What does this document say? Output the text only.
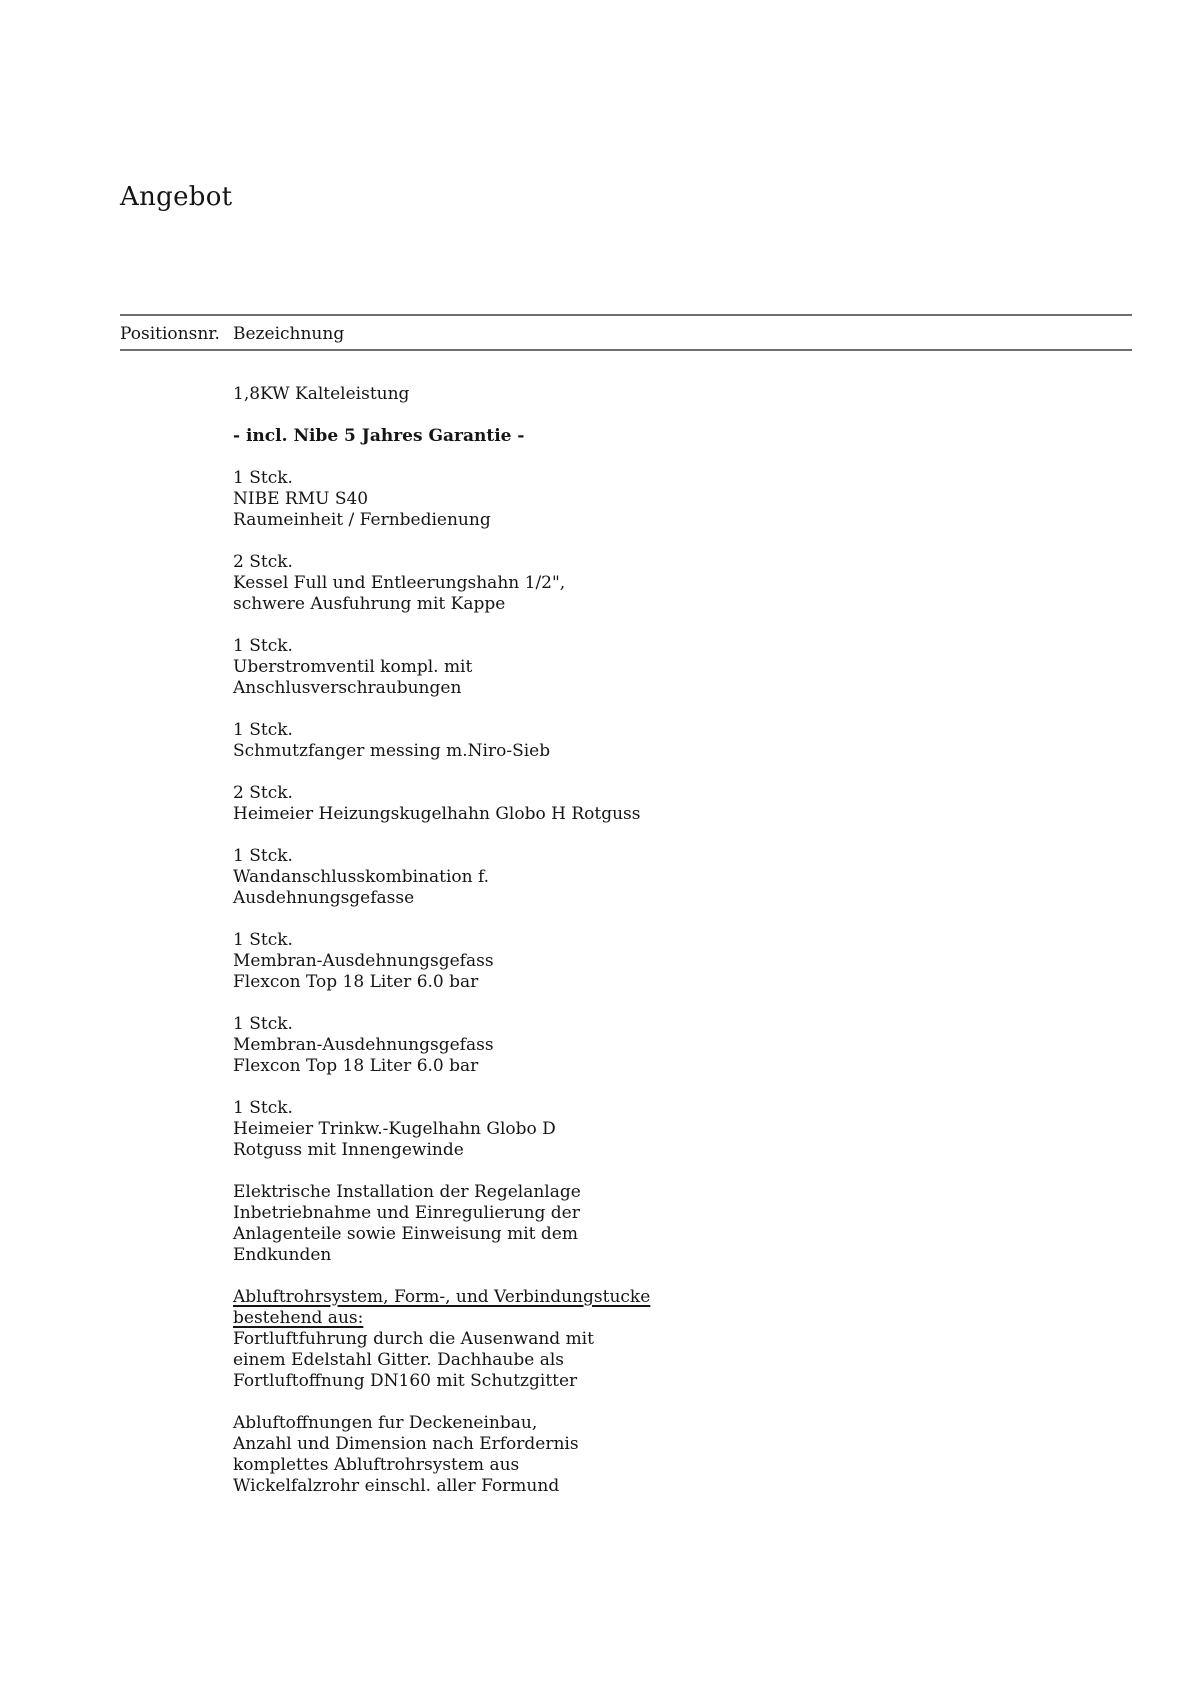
Angebot
Positionsnr. Bezeichnung
1,8KW Kalteleistung
- incl. Nibe 5 Jahres Garantie -
1 Stck.
NIBE RMU S40
Raumeinheit / Fernbedienung
2 Stck.
Kessel Full und Entleerungshahn 1/2",
schwere Ausfuhrung mit Kappe
1 Stck.
Uberstromventil kompl. mit
Anschlusverschraubungen
1 Stck.
Schmutzfanger messing m.Niro-Sieb
2 Stck.
Heimeier Heizungskugelhahn Globo H Rotguss
1 Stck.
Wandanschlusskombination f.
Ausdehnungsgefasse
1 Stck.
Membran-Ausdehnungsgefass
Flexcon Top 18 Liter 6.0 bar
1 Stck.
Membran-Ausdehnungsgefass
Flexcon Top 18 Liter 6.0 bar
1 Stck.
Heimeier Trinkw.-Kugelhahn Globo D
Rotguss mit Innengewinde
Elektrische Installation der Regelanlage
Inbetriebnahme und Einregulierung der
Anlagenteile sowie Einweisung mit dem
Endkunden
Abluftrohrsystem, Form-, und Verbindungstucke
bestehend aus:
Fortluftfuhrung durch die Ausenwand mit
einem Edelstahl Gitter. Dachhaube als
Fortluftoffnung DN160 mit Schutzgitter
Abluftoffnungen fur Deckeneinbau,
Anzahl und Dimension nach Erfordernis
komplettes Abluftrohrsystem aus
Wickelfalzrohr einschl. aller Formund
